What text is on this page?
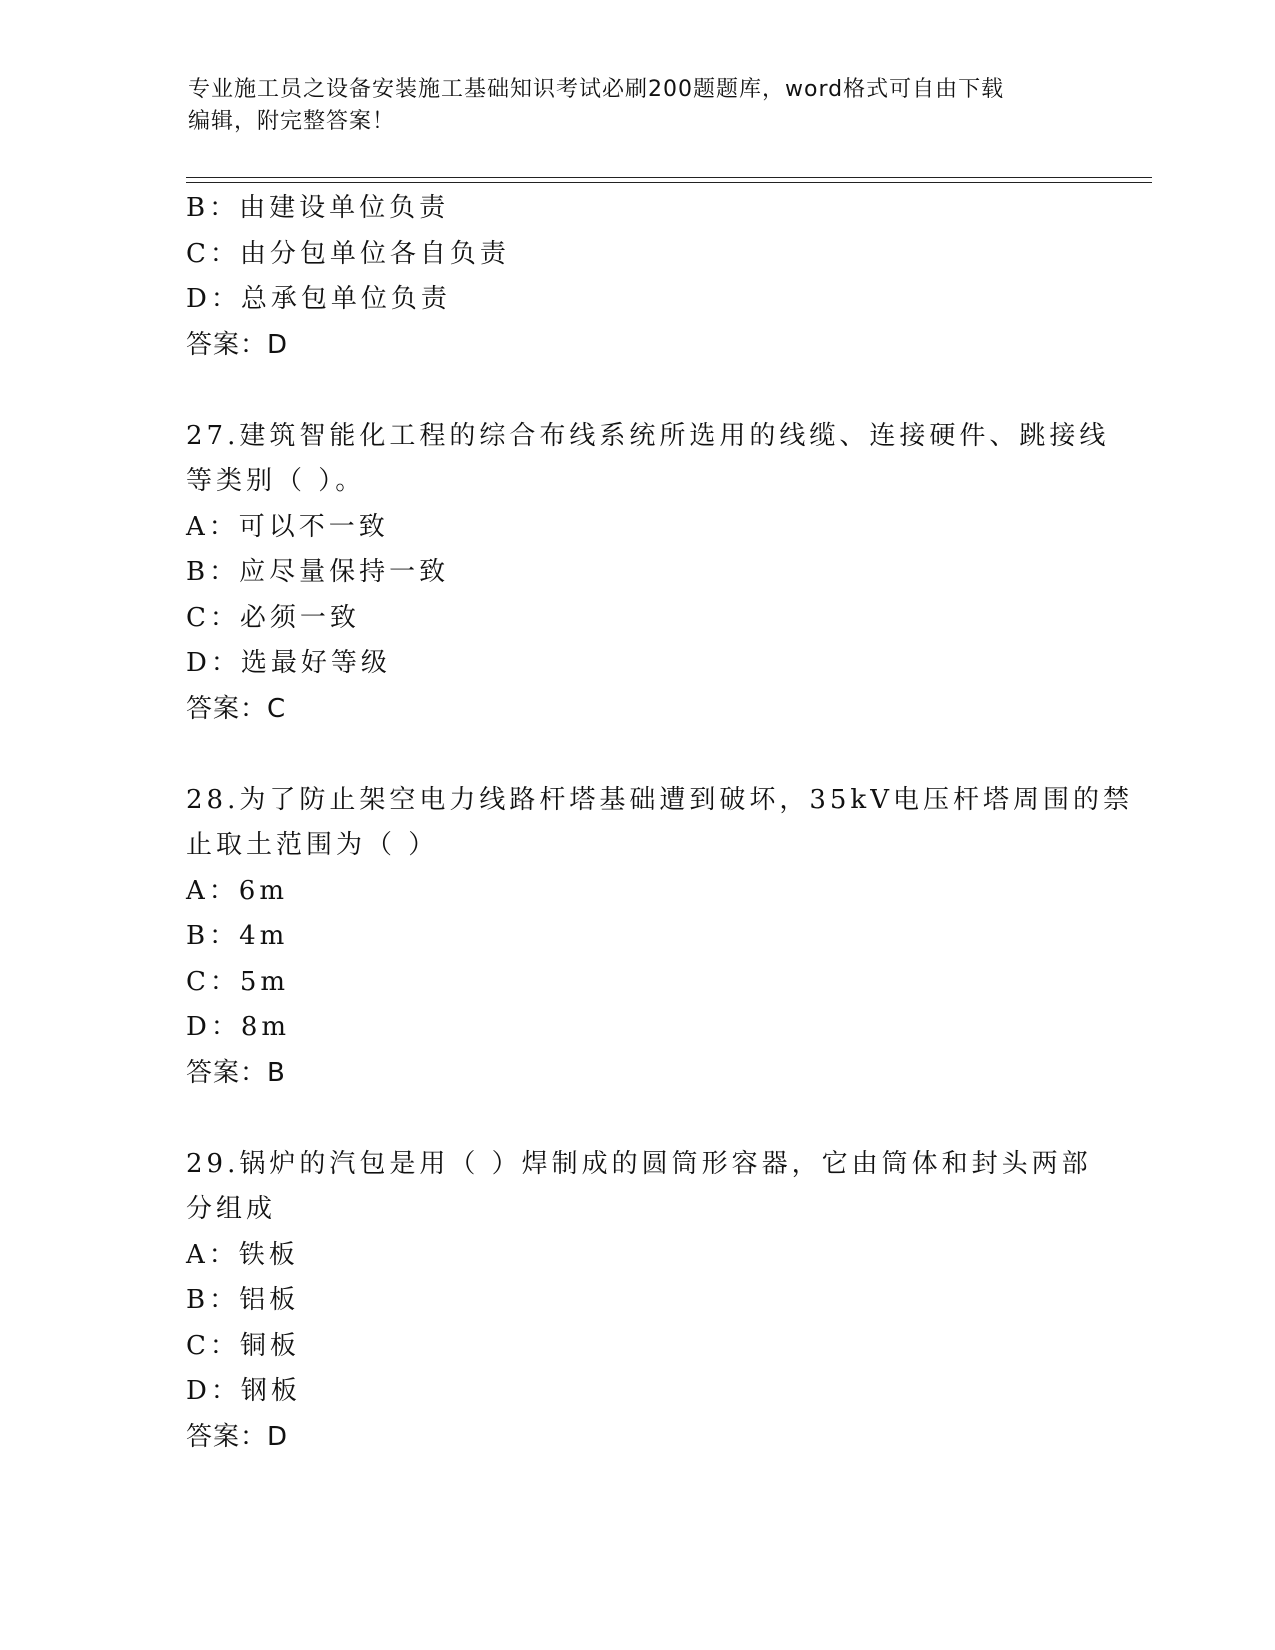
专业施工员之设备安装施工基础知识考试必刷200题题库，word格式可自由下载
编辑，附完整答案！
B：由建设单位负责
C：由分包单位各自负责
D：总承包单位负责
答案：D
27.建筑智能化工程的综合布线系统所选用的线缆、连接硬件、跳接线
等类别（ ）。
A：可以不一致
B：应尽量保持一致
C：必须一致
D：选最好等级
答案：C
28.为了防止架空电力线路杆塔基础遭到破坏，35kV电压杆塔周围的禁
止取土范围为（ ）
A：6m
B：4m
C：5m
D：8m
答案：B
29.锅炉的汽包是用（ ）焊制成的圆筒形容器，它由筒体和封头两部
分组成
A：铁板
B：铝板
C：铜板
D：钢板
答案：D
